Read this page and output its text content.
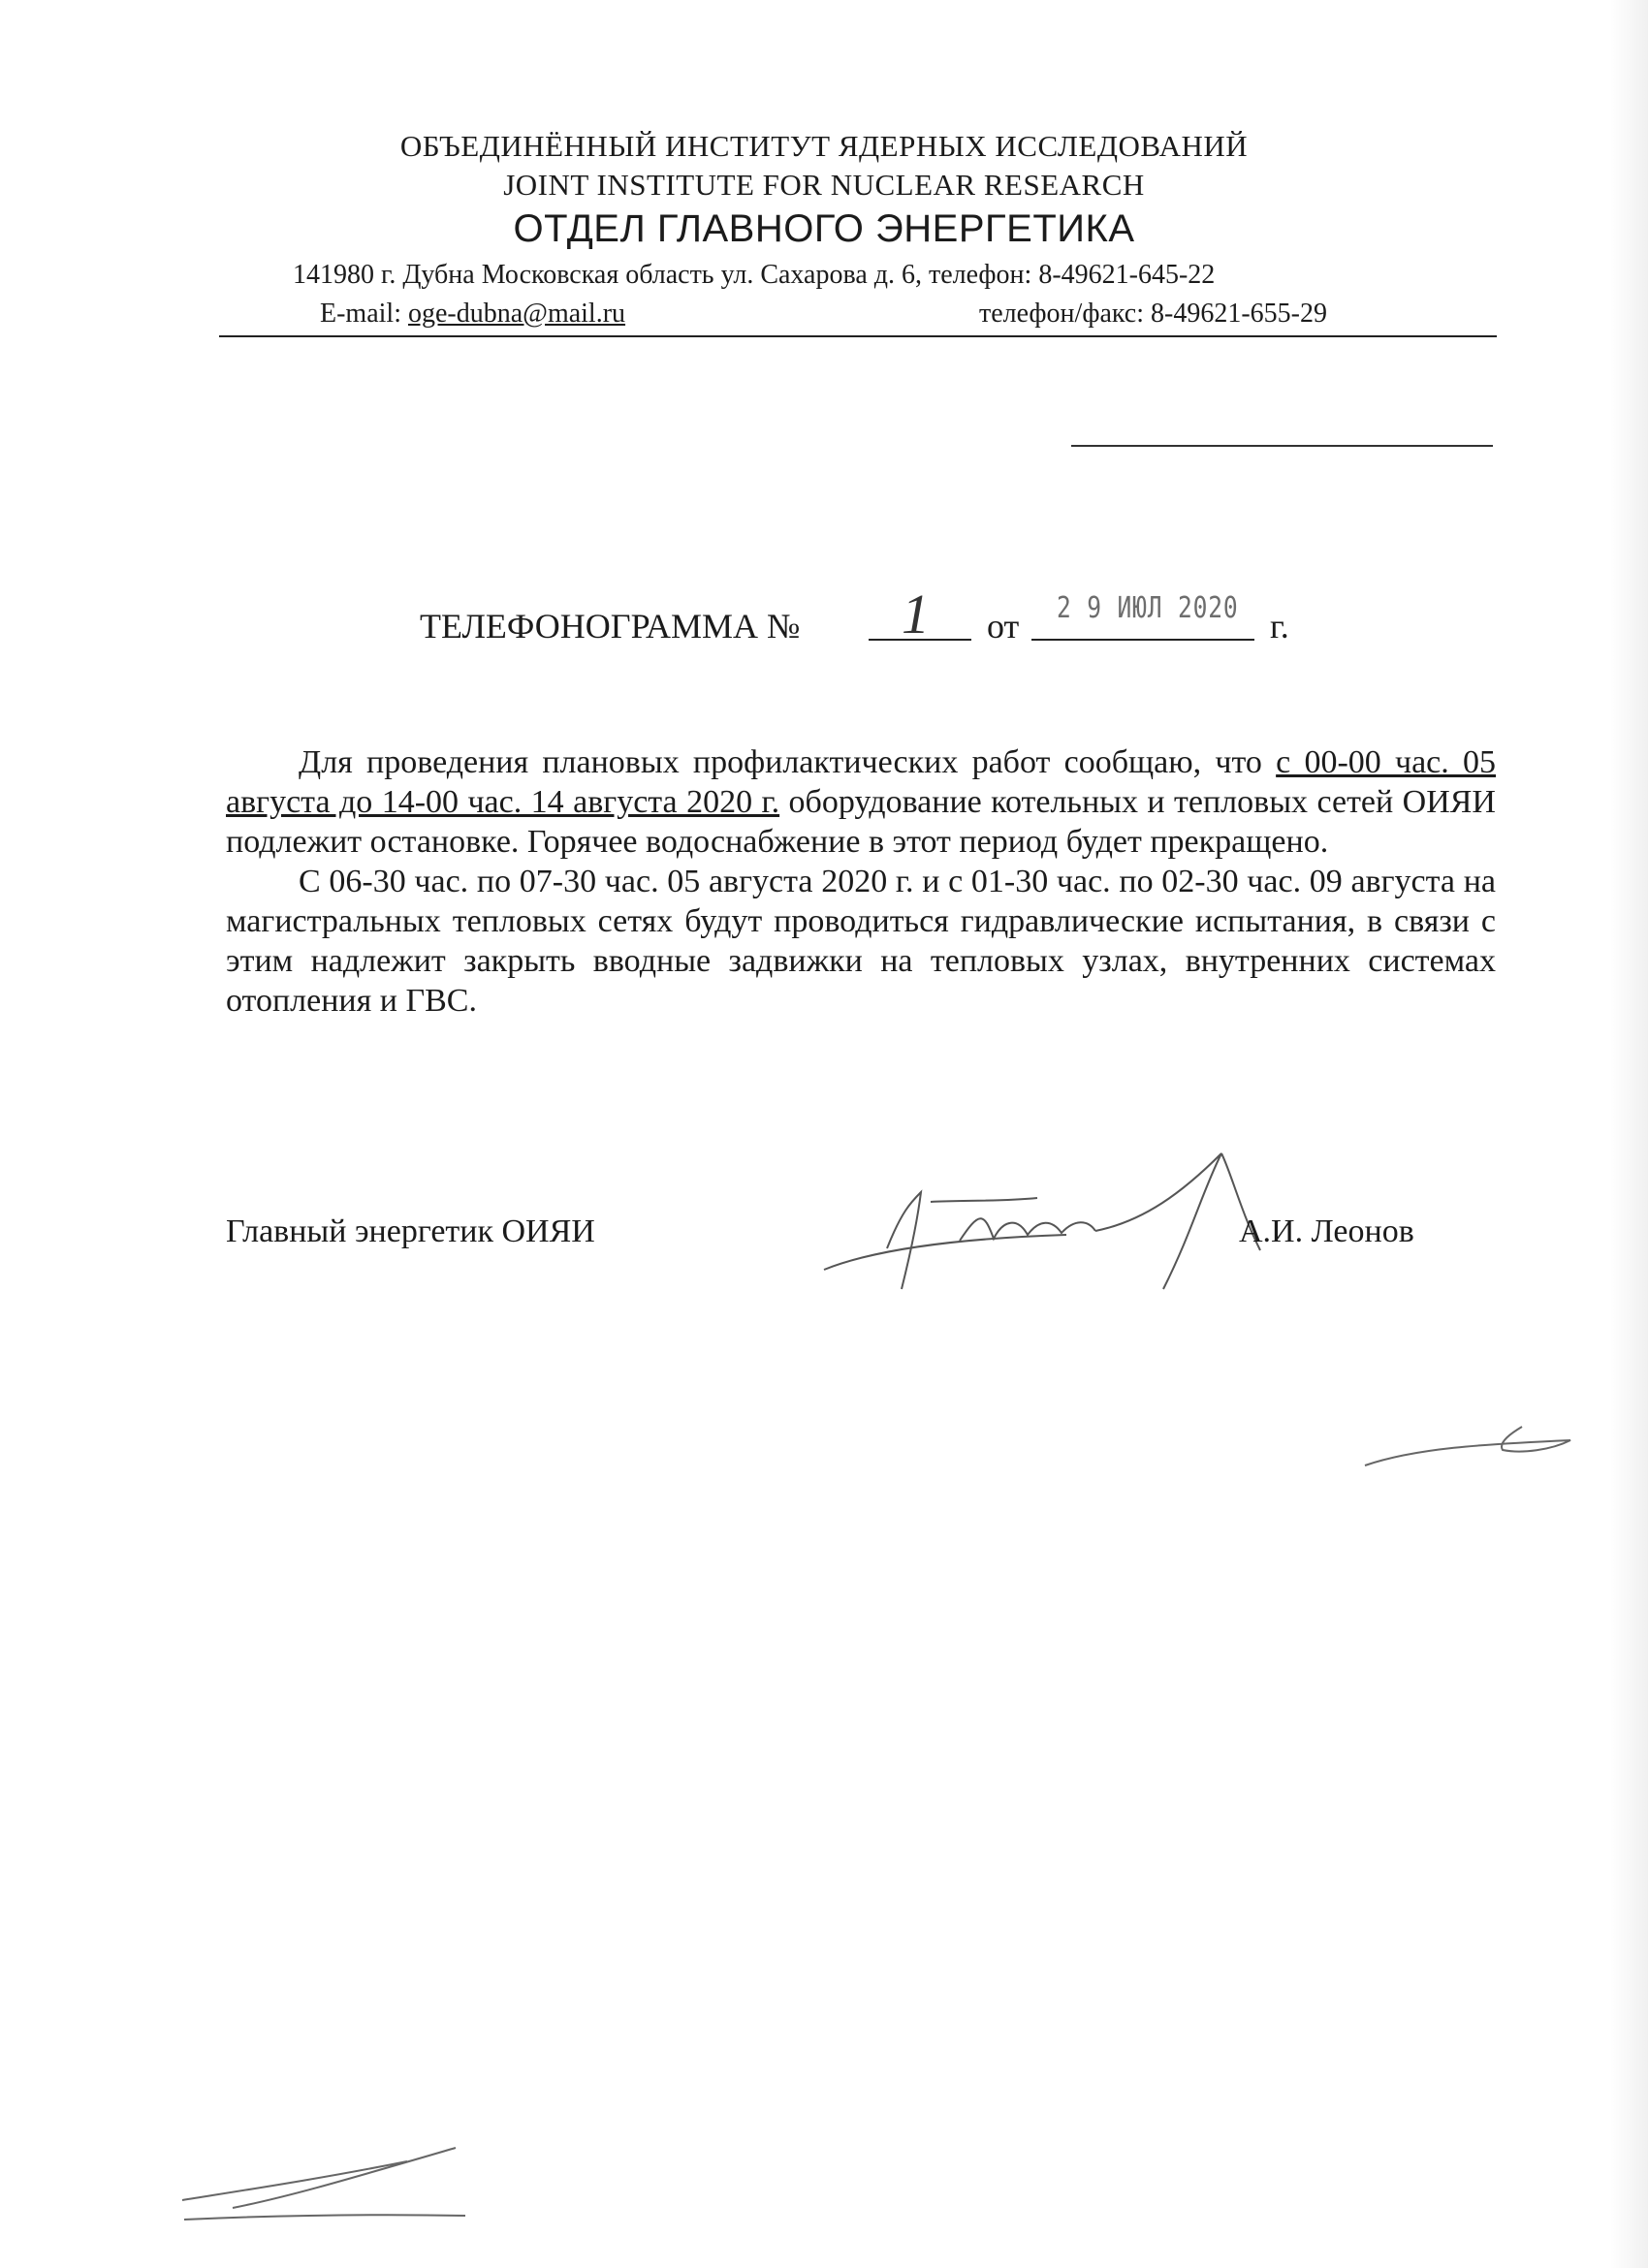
ОБЪЕДИНЁННЫЙ ИНСТИТУТ ЯДЕРНЫХ ИССЛЕДОВАНИЙ
JOINT INSTITUTE FOR NUCLEAR RESEARCH
ОТДЕЛ ГЛАВНОГО ЭНЕРГЕТИКА
141980 г. Дубна Московская область ул. Сахарова д. 6, телефон: 8-49621-645-22
E-mail: oge-dubna@mail.ru	телефон/факс: 8-49621-655-29
ТЕЛЕФОНОГРАММА № 1 от 2 9 ИЮЛ 2020 г.

Для проведения плановых профилактических работ сообщаю, что с 00-00 час. 05 августа до 14-00 час. 14 августа 2020 г. оборудование котельных и тепловых сетей ОИЯИ подлежит остановке. Горячее водоснабжение в этот период будет прекращено.

С 06-30 час. по 07-30 час. 05 августа 2020 г. и с 01-30 час. по 02-30 час. 09 августа на магистральных тепловых сетях будут проводиться гидравлические испытания, в связи с этим надлежит закрыть вводные задвижки на тепловых узлах, внутренних системах отопления и ГВС.

Главный энергетик ОИЯИ	А.И. Леонов
